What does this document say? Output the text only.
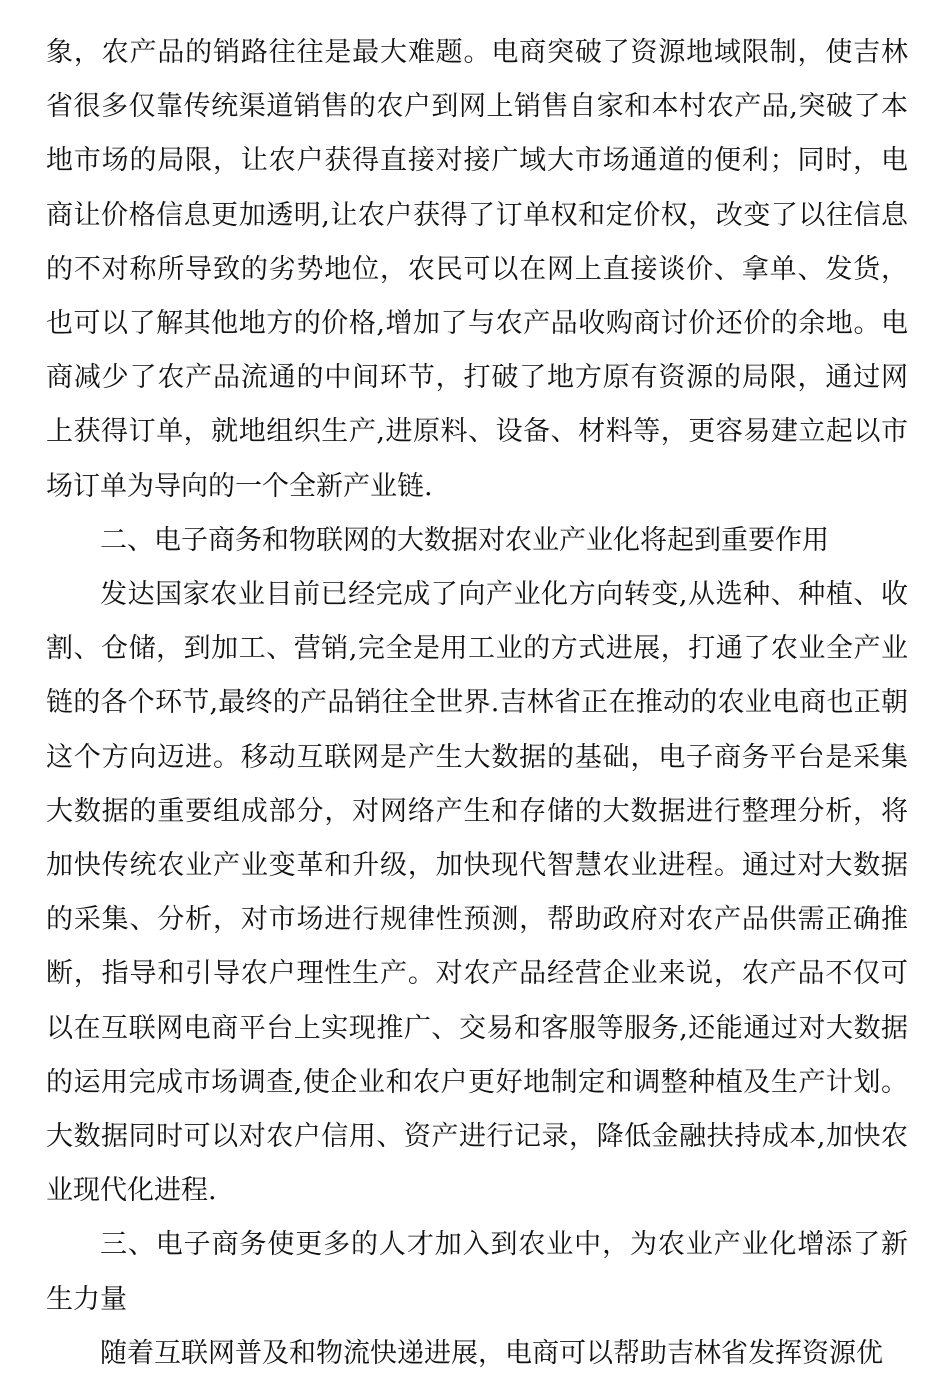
象，农产品的销路往往是最大难题。电商突破了资源地域限制，使吉林省很多仅靠传统渠道销售的农户到网上销售自家和本村农产品,突破了本地市场的局限，让农户获得直接对接广域大市场通道的便利；同时，电商让价格信息更加透明,让农户获得了订单权和定价权，改变了以往信息的不对称所导致的劣势地位，农民可以在网上直接谈价、拿单、发货，也可以了解其他地方的价格,增加了与农产品收购商讨价还价的余地。电商减少了农产品流通的中间环节，打破了地方原有资源的局限，通过网上获得订单，就地组织生产,进原料、设备、材料等，更容易建立起以市场订单为导向的一个全新产业链.

二、电子商务和物联网的大数据对农业产业化将起到重要作用

发达国家农业目前已经完成了向产业化方向转变,从选种、种植、收割、仓储，到加工、营销,完全是用工业的方式进展，打通了农业全产业链的各个环节,最终的产品销往全世界.吉林省正在推动的农业电商也正朝这个方向迈进。移动互联网是产生大数据的基础，电子商务平台是采集大数据的重要组成部分，对网络产生和存储的大数据进行整理分析，将加快传统农业产业变革和升级，加快现代智慧农业进程。通过对大数据的采集、分析，对市场进行规律性预测，帮助政府对农产品供需正确推断，指导和引导农户理性生产。对农产品经营企业来说，农产品不仅可以在互联网电商平台上实现推广、交易和客服等服务,还能通过对大数据的运用完成市场调查,使企业和农户更好地制定和调整种植及生产计划。大数据同时可以对农户信用、资产进行记录，降低金融扶持成本,加快农业现代化进程.

三、电子商务使更多的人才加入到农业中，为农业产业化增添了新生力量

随着互联网普及和物流快递进展，电商可以帮助吉林省发挥资源优
